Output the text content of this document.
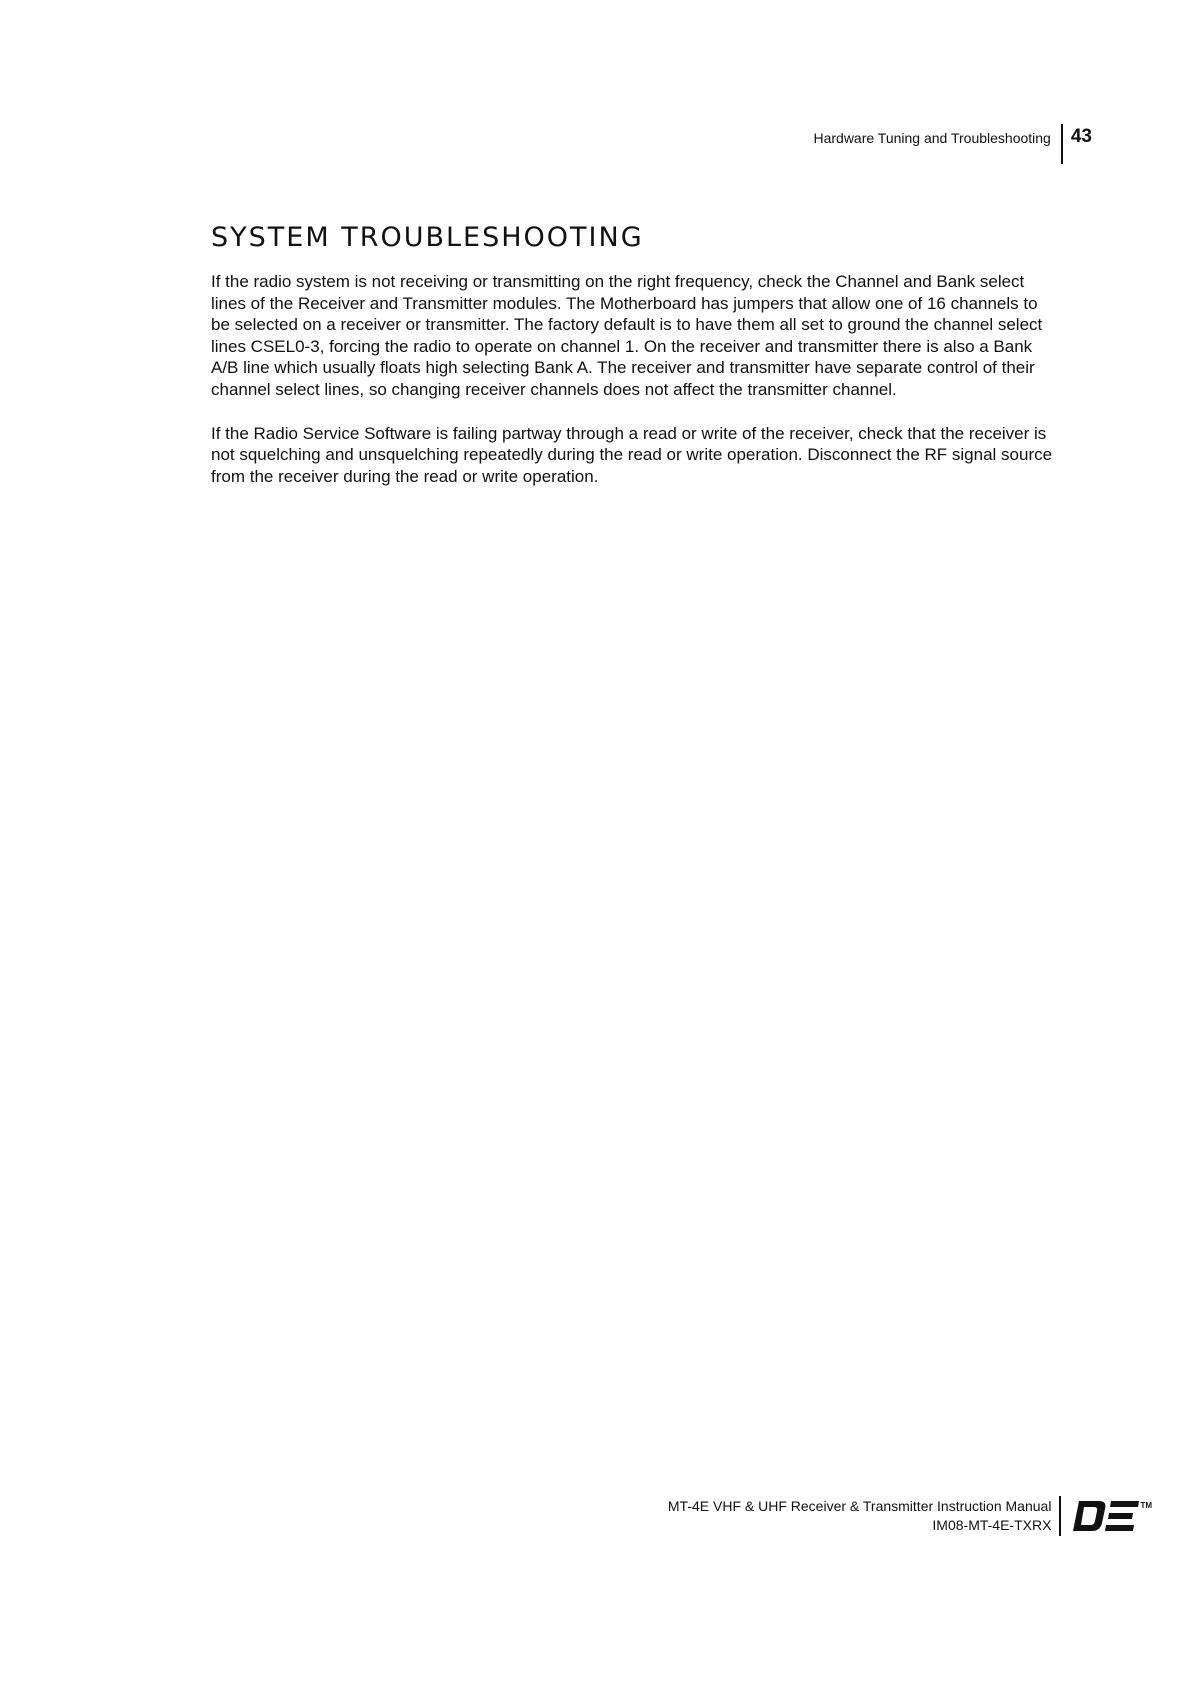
Hardware Tuning and Troubleshooting	43
SYSTEM TROUBLESHOOTING

If the radio system is not receiving or transmitting on the right frequency, check the Channel and Bank select lines of the Receiver and Transmitter modules. The Motherboard has jumpers that allow one of 16 channels to be selected on a receiver or transmitter. The factory default is to have them all set to ground the channel select lines CSEL0-3, forcing the radio to operate on channel 1. On the receiver and transmitter there is also a Bank A/B line which usually floats high selecting Bank A. The receiver and transmitter have separate control of their channel select lines, so changing receiver channels does not affect the transmitter channel.

If the Radio Service Software is failing partway through a read or write of the receiver, check that the receiver is not squelching and unsquelching repeatedly during the read or write operation. Disconnect the RF signal source from the receiver during the read or write operation.

MT-4E VHF & UHF Receiver & Transmitter Instruction Manual
IM08-MT-4E-TXRX
TM
